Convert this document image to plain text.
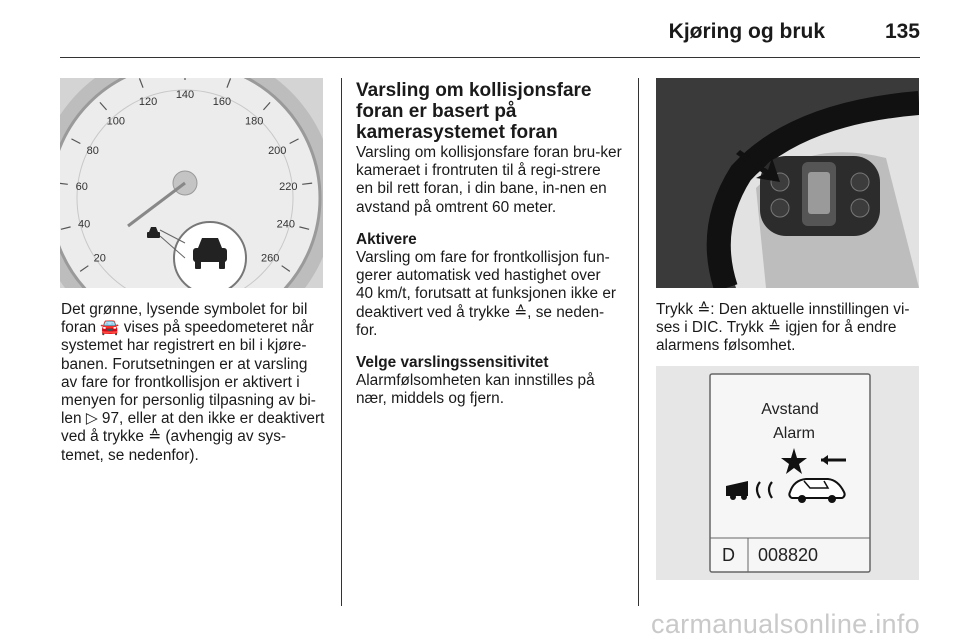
Kjøring og bruk	135
20
40
60
80
100
120
140
160
180
200
220
240
260
Avstand
Alarm
D 008820

Det grønne, lysende symbolet for bil foran 🚘 vises på speedometeret når systemet har registrert en bil i kjøre-banen. Forutsetningen er at varsling av fare for frontkollisjon er aktivert i menyen for personlig tilpasning av bi-len ▷ 97, eller at den ikke er deaktivert ved å trykke ≙ (avhengig av sys-temet, se nedenfor).

Varsling om kollisjonsfare foran er basert på kamerasystemet foran

Varsling om kollisjonsfare foran bru-ker kameraet i frontruten til å regi-strere en bil rett foran, i din bane, in-nen en avstand på omtrent 60 meter.

Aktivere

Varsling om fare for frontkollisjon fun-gerer automatisk ved hastighet over 40 km/t, forutsatt at funksjonen ikke er deaktivert ved å trykke ≙, se neden-for.

Velge varslingssensitivitet

Alarmfølsomheten kan innstilles på nær, middels og fjern.

Trykk ≙: Den aktuelle innstillingen vi-ses i DIC. Trykk ≙ igjen for å endre alarmens følsomhet.

carmanualsonline.info
